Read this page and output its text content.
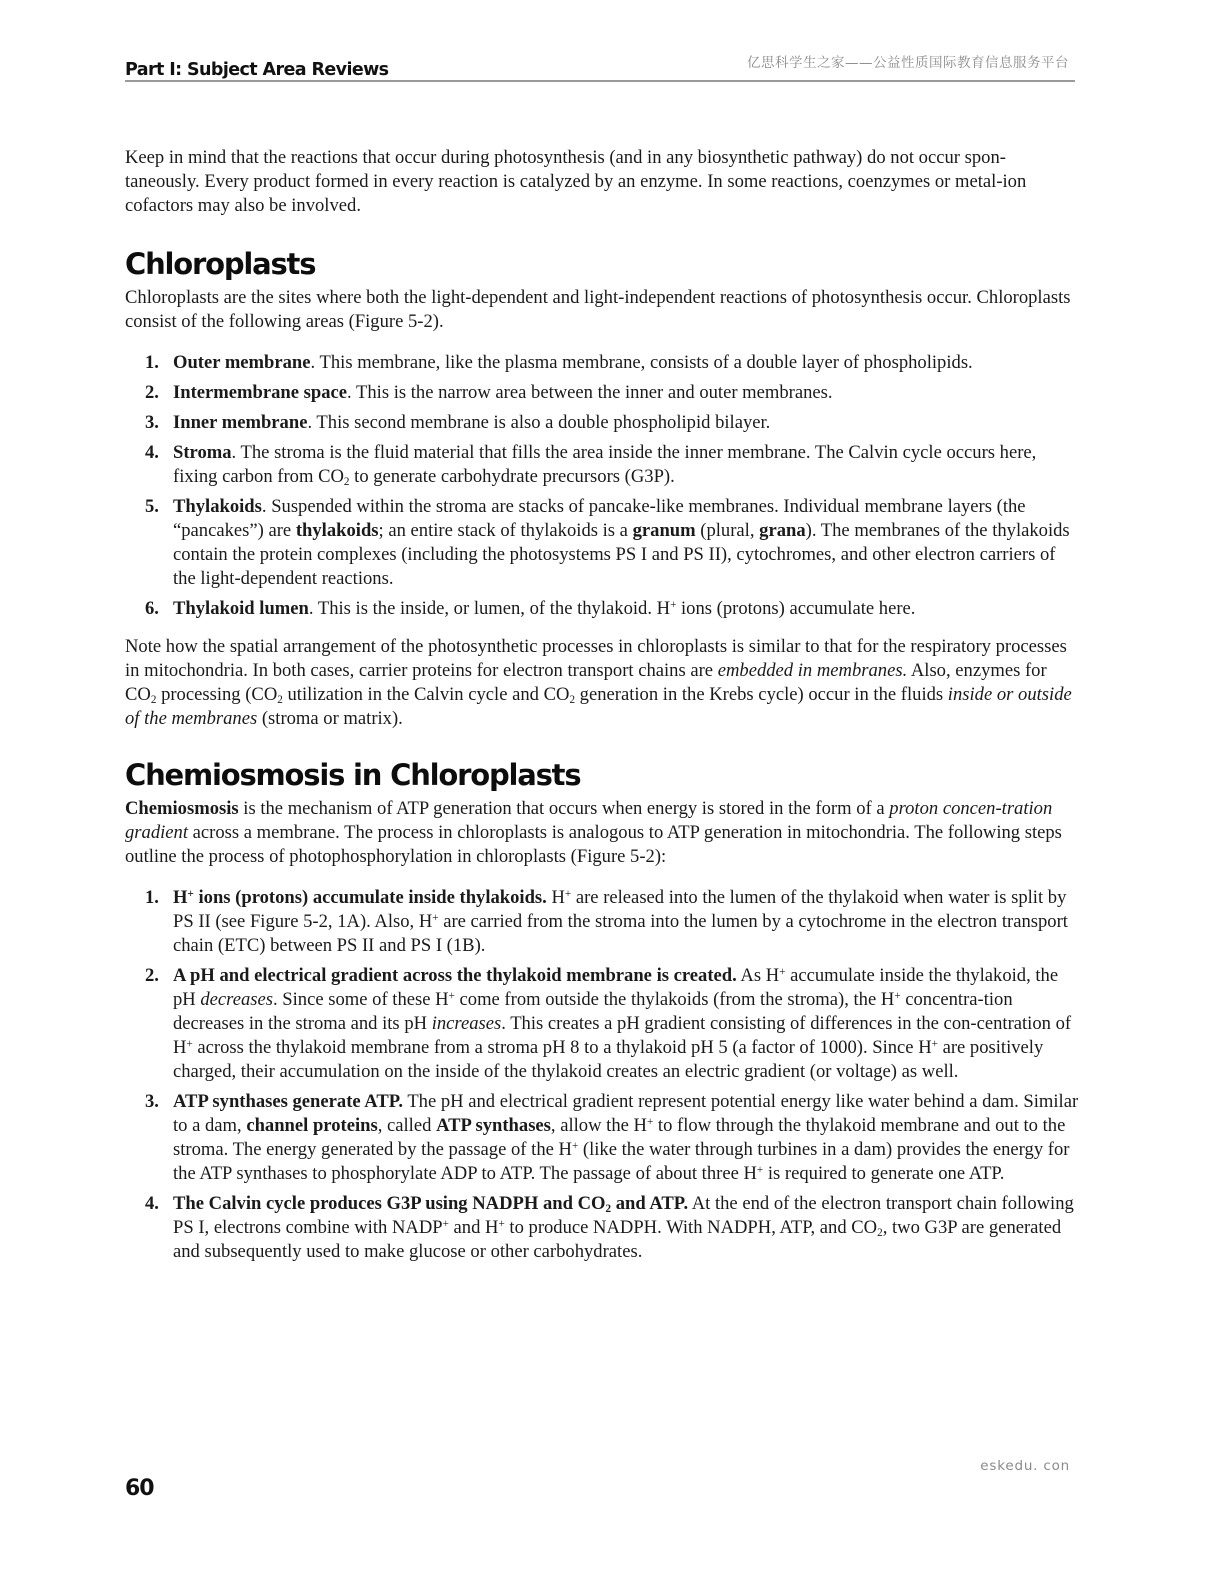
Part I: Subject Area Reviews	亿思科学生之家——公益性质国际教育信息服务平台

Keep in mind that the reactions that occur during photosynthesis (and in any biosynthetic pathway) do not occur spon-taneously. Every product formed in every reaction is catalyzed by an enzyme. In some reactions, coenzymes or metal-ion cofactors may also be involved.

Chloroplasts

Chloroplasts are the sites where both the light-dependent and light-independent reactions of photosynthesis occur. Chloroplasts consist of the following areas (Figure 5-2).

1. Outer membrane. This membrane, like the plasma membrane, consists of a double layer of phospholipids.
2. Intermembrane space. This is the narrow area between the inner and outer membranes.
3. Inner membrane. This second membrane is also a double phospholipid bilayer.
4. Stroma. The stroma is the fluid material that fills the area inside the inner membrane. The Calvin cycle occurs here, fixing carbon from $CO_2$ to generate carbohydrate precursors (G3P).
5. Thylakoids. Suspended within the stroma are stacks of pancake-like membranes. Individual membrane layers (the “pancakes”) are thylakoids; an entire stack of thylakoids is a granum (plural, grana). The membranes of the thylakoids contain the protein complexes (including the photosystems PS I and PS II), cytochromes, and other electron carriers of the light-dependent reactions.
6. Thylakoid lumen. This is the inside, or lumen, of the thylakoid. H+ ions (protons) accumulate here.

Note how the spatial arrangement of the photosynthetic processes in chloroplasts is similar to that for the respiratory processes in mitochondria. In both cases, carrier proteins for electron transport chains are embedded in membranes. Also, enzymes for $CO_2$ processing ($CO_2$ utilization in the Calvin cycle and $CO_2$ generation in the Krebs cycle) occur in the fluids inside or outside of the membranes (stroma or matrix).

Chemiosmosis in Chloroplasts

Chemiosmosis is the mechanism of ATP generation that occurs when energy is stored in the form of a proton concen-tration gradient across a membrane. The process in chloroplasts is analogous to ATP generation in mitochondria. The following steps outline the process of photophosphorylation in chloroplasts (Figure 5-2):

1. H+ ions (protons) accumulate inside thylakoids. H+ are released into the lumen of the thylakoid when water is split by PS II (see Figure 5-2, 1A). Also, H+ are carried from the stroma into the lumen by a cytochrome in the electron transport chain (ETC) between PS II and PS I (1B).
2. A pH and electrical gradient across the thylakoid membrane is created. As H+ accumulate inside the thylakoid, the pH decreases. Since some of these H+ come from outside the thylakoids (from the stroma), the H+ concentra-tion decreases in the stroma and its pH increases. This creates a pH gradient consisting of differences in the con-centration of H+ across the thylakoid membrane from a stroma pH 8 to a thylakoid pH 5 (a factor of 1000). Since H+ are positively charged, their accumulation on the inside of the thylakoid creates an electric gradient (or voltage) as well.
3. ATP synthases generate ATP. The pH and electrical gradient represent potential energy like water behind a dam. Similar to a dam, channel proteins, called ATP synthases, allow the H+ to flow through the thylakoid membrane and out to the stroma. The energy generated by the passage of the H+ (like the water through turbines in a dam) provides the energy for the ATP synthases to phosphorylate ADP to ATP. The passage of about three H+ is required to generate one ATP.
4. The Calvin cycle produces G3P using NADPH and $CO_2$ and ATP. At the end of the electron transport chain following PS I, electrons combine with NADP+ and H+ to produce NADPH. With NADPH, ATP, and $CO_2$, two G3P are generated and subsequently used to make glucose or other carbohydrates.
eskedu. con
60
